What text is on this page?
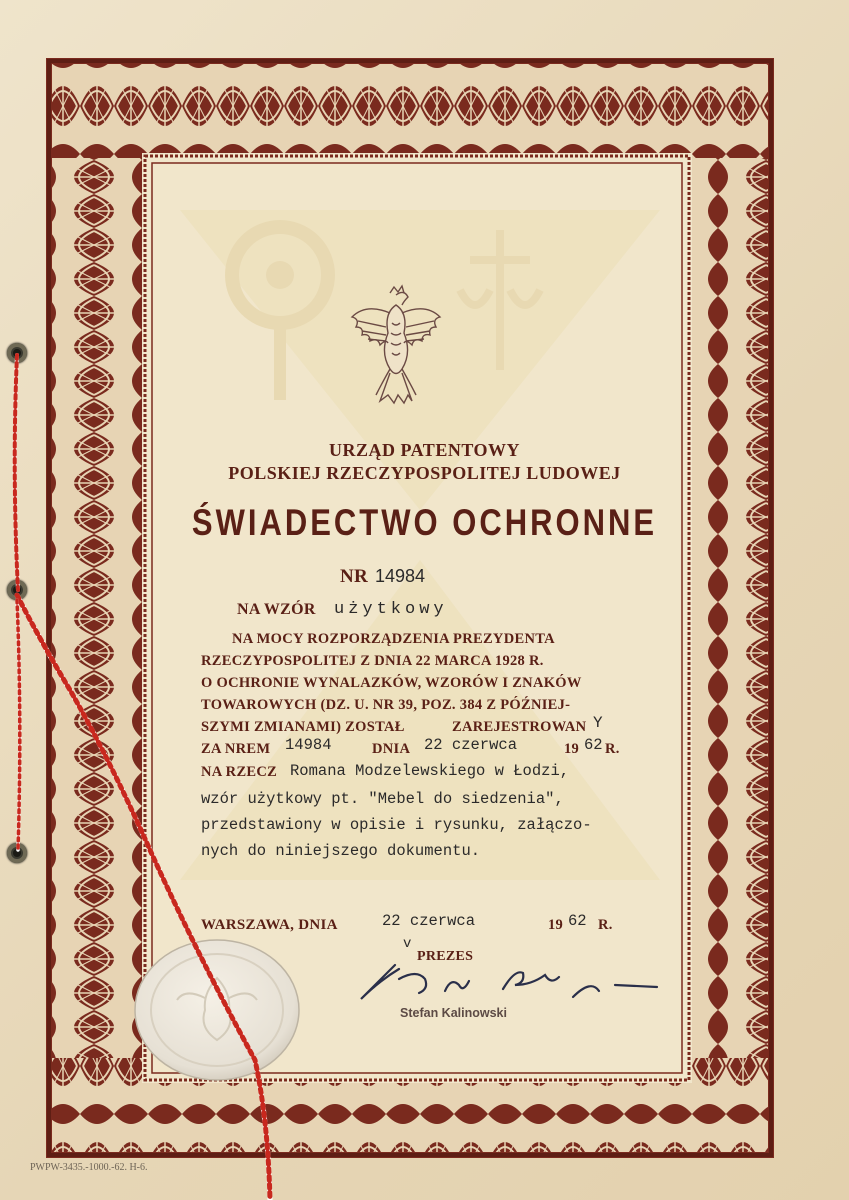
URZĄD PATENTOWY
POLSKIEJ RZECZYPOSPOLITEJ LUDOWEJ
ŚWIADECTWO OCHRONNE
NR 14984
NA WZÓR użytkowy
NA MOCY ROZPORZĄDZENIA PREZYDENTA
RZECZYPOSPOLITEJ Z DNIA 22 MARCA 1928 R.
O OCHRONIE WYNALAZKÓW, WZORÓW I ZNAKÓW
TOWAROWYCH (DZ. U. NR 39, POZ. 384 Z PÓŹNIEJ-
SZYMI ZMIANAMI) ZOSTAŁ	ZAREJESTROWAN Y
ZA NREM 14984	DNIA 22 czerwca	19 62 R.
NA RZECZ Romana Modzelewskiego w Łodzi,
wzór użytkowy pt. "Mebel do siedzenia",
przedstawiony w opisie i rysunku, załączo-
nych do niniejszego dokumentu.
WARSZAWA, DNIA	22 czerwca	19 62 R.
v
PREZES
Stefan Kalinowski
PWPW-3435.-1000.-62. H-6.
